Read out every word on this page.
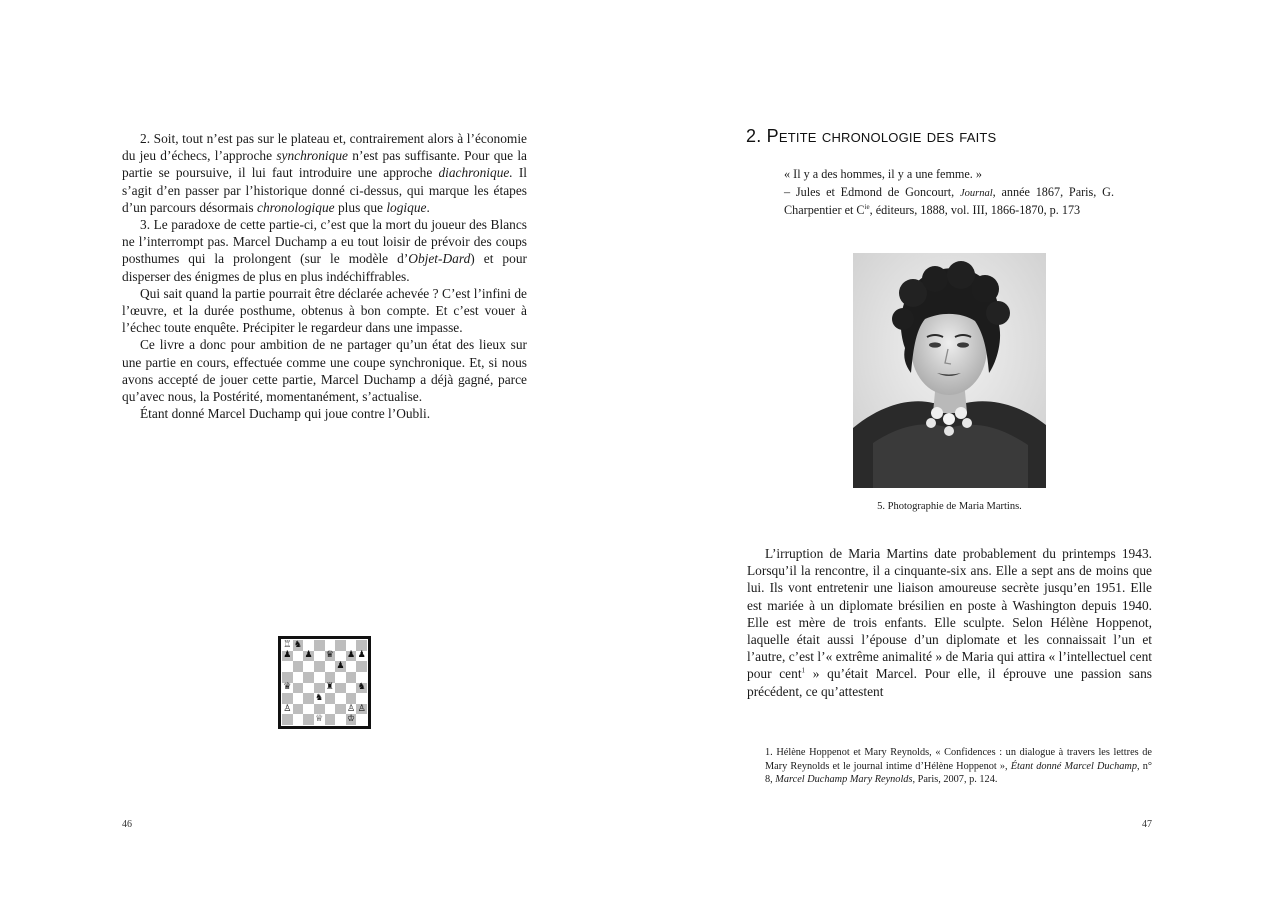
2. Soit, tout n’est pas sur le plateau et, contrairement alors à l’économie du jeu d’échecs, l’approche synchronique n’est pas suffisante. Pour que la partie se poursuive, il lui faut introduire une approche diachronique. Il s’agit d’en passer par l’historique donné ci-dessus, qui marque les étapes d’un parcours désormais chronologique plus que logique.

3. Le paradoxe de cette partie-ci, c’est que la mort du joueur des Blancs ne l’interrompt pas. Marcel Duchamp a eu tout loisir de prévoir des coups posthumes qui la prolongent (sur le modèle d’Objet-Dard) et pour disperser des énigmes de plus en plus indéchiffrables.

Qui sait quand la partie pourrait être déclarée achevée ? C’est l’infini de l’œuvre, et la durée posthume, obtenus à bon compte. Et c’est vouer à l’échec toute enquête. Précipiter le regardeur dans une impasse.

Ce livre a donc pour ambition de ne partager qu’un état des lieux sur une partie en cours, effectuée comme une coupe synchronique. Et, si nous avons accepté de jouer cette partie, Marcel Duchamp a déjà gagné, parce qu’avec nous, la Postérité, momentanément, s’actualise.

Étant donné Marcel Duchamp qui joue contre l’Oubli.

♖ ♞
♟ ♟ ♛ ♟ ♟
♟
♛	♜	♞
♞
♙	♙ ♙
♕	♔
46
2. Petite chronologie des faits
« Il y a des hommes, il y a une femme. »
– Jules et Edmond de Goncourt, Journal, année 1867, Paris, G. Charpentier et $C^{ie}$, éditeurs, 1888, vol. III, 1866-1870, p. 173
5. Photographie de Maria Martins.

L’irruption de Maria Martins date probablement du printemps 1943. Lorsqu’il la rencontre, il a cinquante-six ans. Elle a sept ans de moins que lui. Ils vont entretenir une liaison amoureuse secrète jusqu’en 1951. Elle est mariée à un diplomate brésilien en poste à Washington depuis 1940. Elle est mère de trois enfants. Elle sculpte. Selon Hélène Hoppenot, laquelle était aussi l’épouse d’un diplomate et les connaissait l’un et l’autre, c’est l’« extrême animalité » de Maria qui attira « l’intellectuel cent pour cent$^1$ » qu’était Marcel. Pour elle, il éprouve une passion sans précédent, ce qu’attestent

1. Hélène Hoppenot et Mary Reynolds, « Confidences : un dialogue à travers les lettres de Mary Reynolds et le journal intime d’Hélène Hoppenot », Étant donné Marcel Duchamp, n° 8, Marcel Duchamp Mary Reynolds, Paris, 2007, p. 124.

47
